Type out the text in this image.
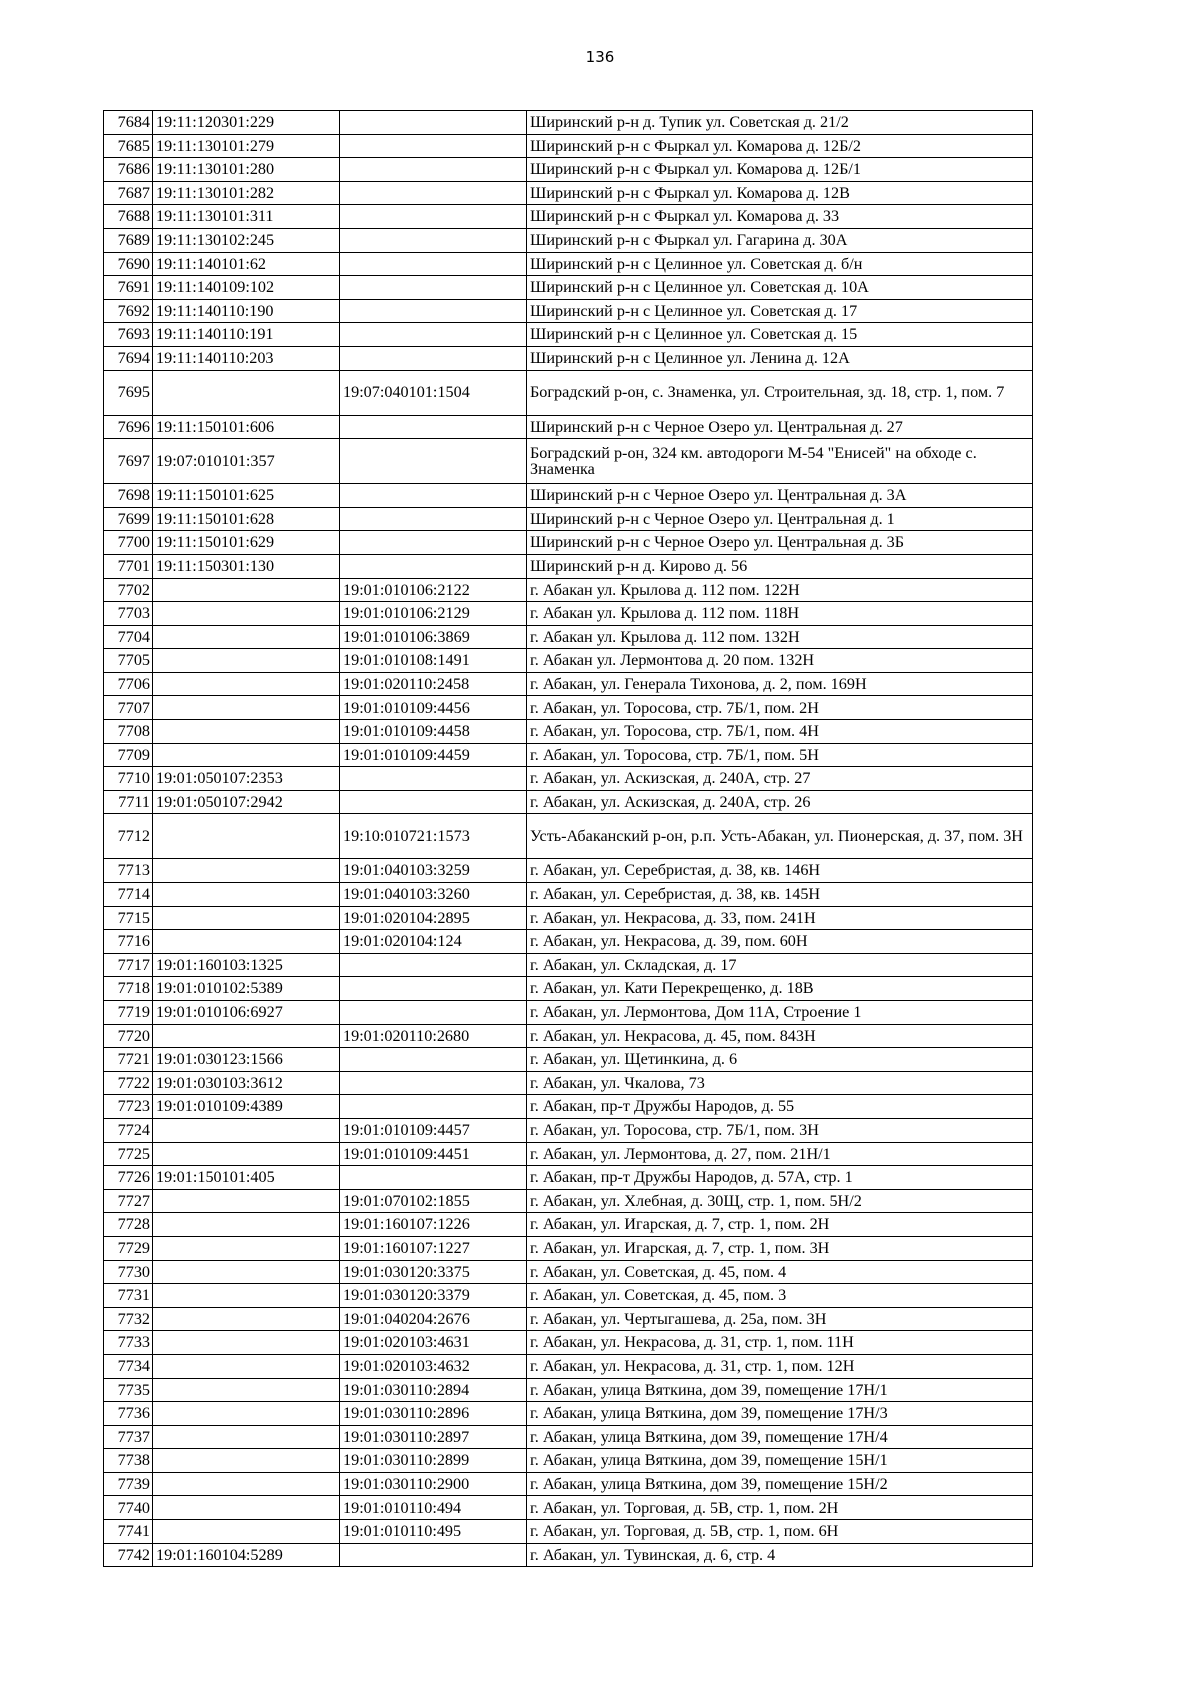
136
7684	19:11:120301:229		Ширинский р-н д. Тупик ул. Советская д. 21/2
7685	19:11:130101:279		Ширинский р-н с Фыркал ул. Комарова д. 12Б/2
7686	19:11:130101:280		Ширинский р-н с Фыркал ул. Комарова д. 12Б/1
7687	19:11:130101:282		Ширинский р-н с Фыркал ул. Комарова д. 12В
7688	19:11:130101:311		Ширинский р-н с Фыркал ул. Комарова д. 33
7689	19:11:130102:245		Ширинский р-н с Фыркал ул. Гагарина д. 30А
7690	19:11:140101:62		Ширинский р-н с Целинное ул. Советская д. б/н
7691	19:11:140109:102		Ширинский р-н с Целинное ул. Советская д. 10А
7692	19:11:140110:190		Ширинский р-н с Целинное ул. Советская д. 17
7693	19:11:140110:191		Ширинский р-н с Целинное ул. Советская д. 15
7694	19:11:140110:203		Ширинский р-н с Целинное ул. Ленина д. 12А
7695		19:07:040101:1504	Боградский р-он, с. Знаменка, ул. Строительная, зд. 18, стр. 1, пом. 7
7696	19:11:150101:606		Ширинский р-н с Черное Озеро ул. Центральная д. 27
7697	19:07:010101:357		Боградский р-он, 324 км. автодороги М-54 "Енисей" на обходе с. Знаменка
7698	19:11:150101:625		Ширинский р-н с Черное Озеро ул. Центральная д. 3А
7699	19:11:150101:628		Ширинский р-н с Черное Озеро ул. Центральная д. 1
7700	19:11:150101:629		Ширинский р-н с Черное Озеро ул. Центральная д. 3Б
7701	19:11:150301:130		Ширинский р-н д. Кирово д. 56
7702		19:01:010106:2122	г. Абакан ул. Крылова д. 112 пом. 122Н
7703		19:01:010106:2129	г. Абакан ул. Крылова д. 112 пом. 118Н
7704		19:01:010106:3869	г. Абакан ул. Крылова д. 112 пом. 132Н
7705		19:01:010108:1491	г. Абакан ул. Лермонтова д. 20 пом. 132Н
7706		19:01:020110:2458	г. Абакан, ул. Генерала Тихонова, д. 2, пом. 169Н
7707		19:01:010109:4456	г. Абакан, ул. Торосова, стр. 7Б/1, пом. 2Н
7708		19:01:010109:4458	г. Абакан, ул. Торосова, стр. 7Б/1, пом. 4Н
7709		19:01:010109:4459	г. Абакан, ул. Торосова, стр. 7Б/1, пом. 5Н
7710	19:01:050107:2353		г. Абакан, ул. Аскизская, д. 240А, стр. 27
7711	19:01:050107:2942		г. Абакан, ул. Аскизская, д. 240А, стр. 26
7712		19:10:010721:1573	Усть-Абаканский р-он, р.п. Усть-Абакан, ул. Пионерская, д. 37, пом. 3Н
7713		19:01:040103:3259	г. Абакан, ул. Серебристая, д. 38, кв. 146Н
7714		19:01:040103:3260	г. Абакан, ул. Серебристая, д. 38, кв. 145Н
7715		19:01:020104:2895	г. Абакан, ул. Некрасова, д. 33, пом. 241Н
7716		19:01:020104:124	г. Абакан, ул. Некрасова, д. 39, пом. 60Н
7717	19:01:160103:1325		г. Абакан, ул. Складская, д. 17
7718	19:01:010102:5389		г. Абакан, ул. Кати Перекрещенко, д. 18В
7719	19:01:010106:6927		г. Абакан, ул. Лермонтова, Дом 11А, Строение 1
7720		19:01:020110:2680	г. Абакан, ул. Некрасова, д. 45, пом. 843Н
7721	19:01:030123:1566		г. Абакан, ул. Щетинкина, д. 6
7722	19:01:030103:3612		г. Абакан, ул. Чкалова, 73
7723	19:01:010109:4389		г. Абакан, пр-т Дружбы Народов, д. 55
7724		19:01:010109:4457	г. Абакан, ул. Торосова, стр. 7Б/1, пом. 3Н
7725		19:01:010109:4451	г. Абакан, ул. Лермонтова, д. 27, пом. 21Н/1
7726	19:01:150101:405		г. Абакан, пр-т Дружбы Народов, д. 57А, стр. 1
7727		19:01:070102:1855	г. Абакан, ул. Хлебная, д. 30Щ, стр. 1, пом. 5Н/2
7728		19:01:160107:1226	г. Абакан, ул. Игарская, д. 7, стр. 1, пом. 2Н
7729		19:01:160107:1227	г. Абакан, ул. Игарская, д. 7, стр. 1, пом. 3Н
7730		19:01:030120:3375	г. Абакан, ул. Советская, д. 45, пом. 4
7731		19:01:030120:3379	г. Абакан, ул. Советская, д. 45, пом. 3
7732		19:01:040204:2676	г. Абакан, ул. Чертыгашева, д. 25а, пом. 3Н
7733		19:01:020103:4631	г. Абакан, ул. Некрасова, д. 31, стр. 1, пом. 11Н
7734		19:01:020103:4632	г. Абакан, ул. Некрасова, д. 31, стр. 1, пом. 12Н
7735		19:01:030110:2894	г. Абакан, улица Вяткина, дом 39, помещение 17Н/1
7736		19:01:030110:2896	г. Абакан, улица Вяткина, дом 39, помещение 17Н/3
7737		19:01:030110:2897	г. Абакан, улица Вяткина, дом 39, помещение 17Н/4
7738		19:01:030110:2899	г. Абакан, улица Вяткина, дом 39, помещение 15Н/1
7739		19:01:030110:2900	г. Абакан, улица Вяткина, дом 39, помещение 15Н/2
7740		19:01:010110:494	г. Абакан, ул. Торговая, д. 5В, стр. 1, пом. 2Н
7741		19:01:010110:495	г. Абакан, ул. Торговая, д. 5В, стр. 1, пом. 6Н
7742	19:01:160104:5289		г. Абакан, ул. Тувинская, д. 6, стр. 4
